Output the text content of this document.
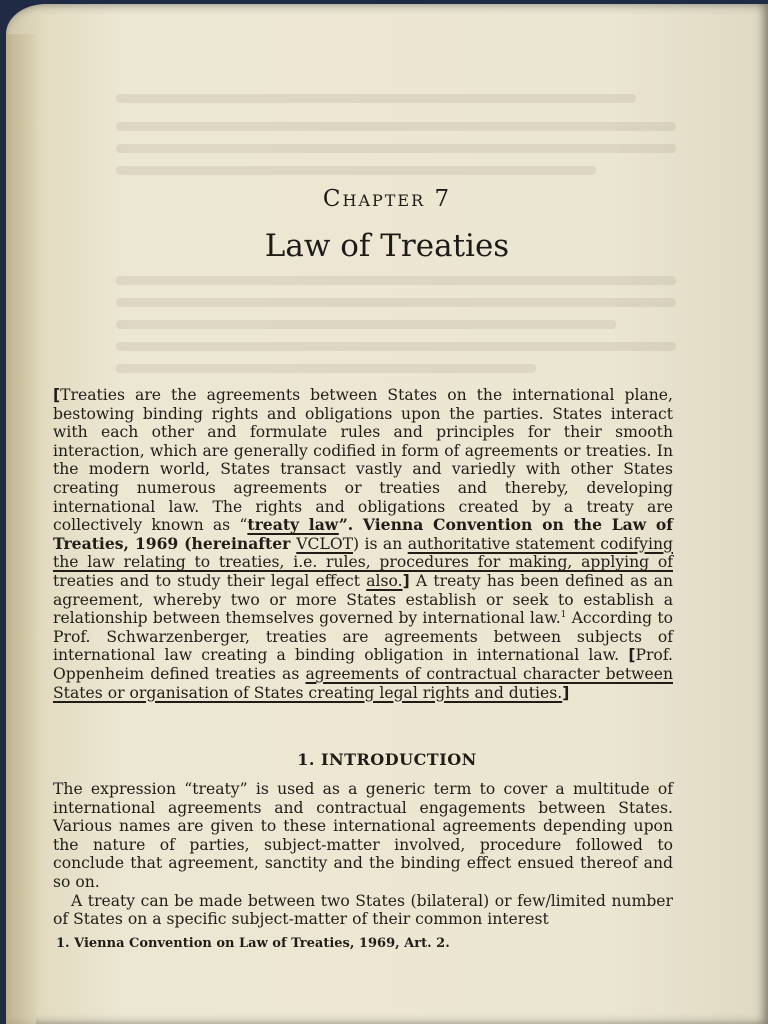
Chapter 7
Law of Treaties

[Treaties are the agreements between States on the international plane, bestowing binding rights and obligations upon the parties. States interact with each other and formulate rules and principles for their smooth interaction, which are generally codified in form of agreements or treaties. In the modern world, States transact vastly and variedly with other States creating numerous agreements or treaties and thereby, developing international law. The rights and obligations created by a treaty are collectively known as “treaty law”. Vienna Convention on the Law of Treaties, 1969 (hereinafter VCLOT) is an authoritative statement codifying the law relating to treaties, i.e. rules, procedures for making, applying of treaties and to study their legal effect also.] A treaty has been defined as an agreement, whereby two or more States establish or seek to establish a relationship between themselves governed by international law.$^1$ According to Prof. Schwarzenberger, treaties are agreements between subjects of international law creating a binding obligation in international law. [Prof. Oppenheim defined treaties as agreements of contractual character between States or organisation of States creating legal rights and duties.]

1. INTRODUCTION

The expression “treaty” is used as a generic term to cover a multitude of international agreements and contractual engagements between States. Various names are given to these international agreements depending upon the nature of parties, subject-matter involved, procedure followed to conclude that agreement, sanctity and the binding effect ensued thereof and so on.

A treaty can be made between two States (bilateral) or few/limited number of States on a specific subject-matter of their common interest

1. Vienna Convention on Law of Treaties, 1969, Art. 2.
